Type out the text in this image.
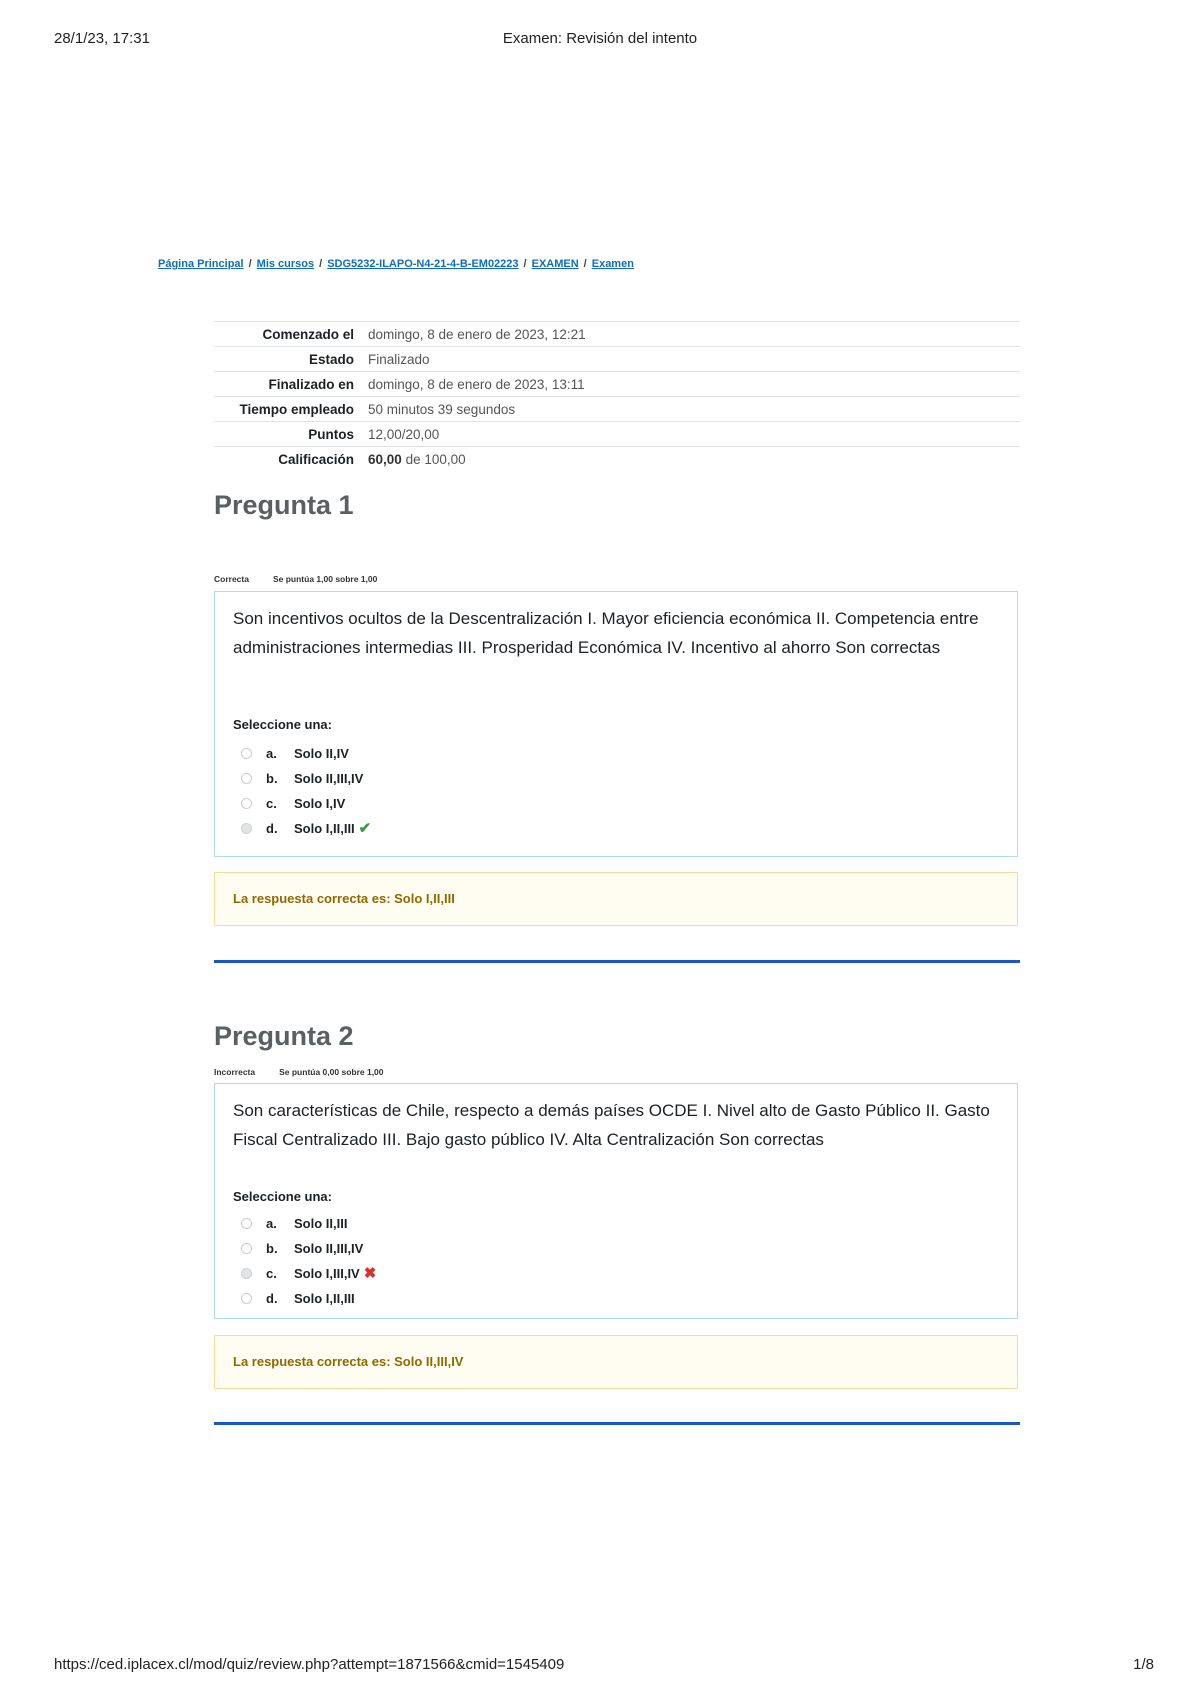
28/1/23, 17:31	Examen: Revisión del intento
Página Principal / Mis cursos / SDG5232-ILAPO-N4-21-4-B-EM02223 / EXAMEN / Examen
Comenzado el	domingo, 8 de enero de 2023, 12:21
Estado	Finalizado
Finalizado en	domingo, 8 de enero de 2023, 13:11
Tiempo empleado	50 minutos 39 segundos
Puntos	12,00/20,00
Calificación	60,00 de 100,00
Pregunta 1
Correcta	Se puntúa 1,00 sobre 1,00
Son incentivos ocultos de la Descentralización I. Mayor eficiencia económica II. Competencia entre administraciones intermedias III. Prosperidad Económica IV. Incentivo al ahorro Son correctas
Seleccione una:
a.	Solo II,IV
b.	Solo II,III,IV
c.	Solo I,IV
d.	Solo I,II,III ✔
La respuesta correcta es: Solo I,II,III
Pregunta 2
Incorrecta	Se puntúa 0,00 sobre 1,00
Son características de Chile, respecto a demás países OCDE I. Nivel alto de Gasto Público II. Gasto Fiscal Centralizado III. Bajo gasto público IV. Alta Centralización Son correctas
Seleccione una:
a.	Solo II,III
b.	Solo II,III,IV
c.	Solo I,III,IV ✖
d.	Solo I,II,III
La respuesta correcta es: Solo II,III,IV
https://ced.iplacex.cl/mod/quiz/review.php?attempt=1871566&cmid=1545409	1/8
